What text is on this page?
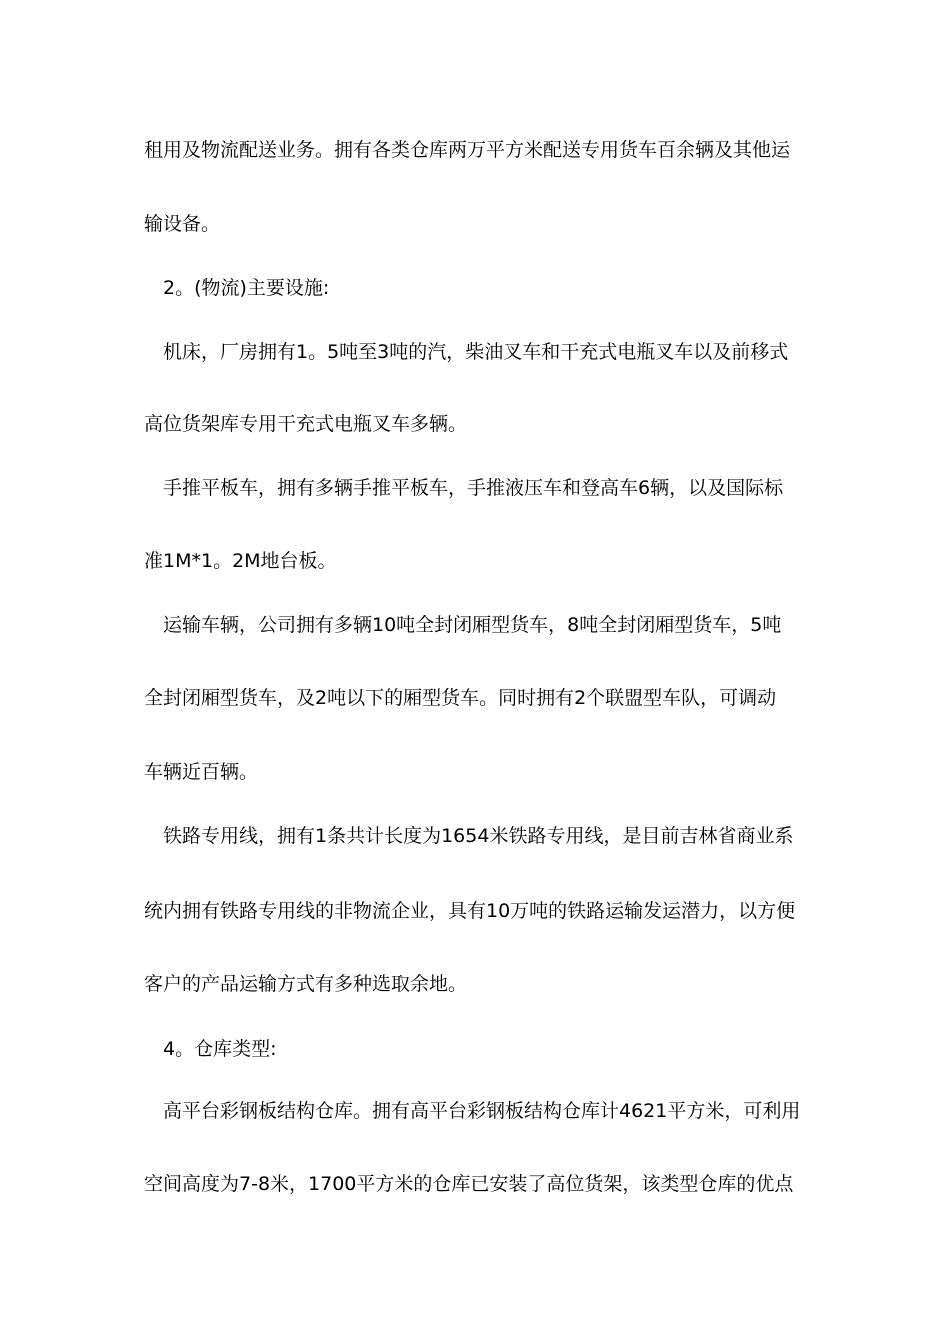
租用及物流配送业务。拥有各类仓库两万平方米配送专用货车百余辆及其他运
输设备。
2。(物流)主要设施:
机床，厂房拥有1。5吨至3吨的汽，柴油叉车和干充式电瓶叉车以及前移式
高位货架库专用干充式电瓶叉车多辆。
手推平板车，拥有多辆手推平板车，手推液压车和登高车6辆，以及国际标
准1M*1。2M地台板。
运输车辆，公司拥有多辆10吨全封闭厢型货车，8吨全封闭厢型货车，5吨
全封闭厢型货车，及2吨以下的厢型货车。同时拥有2个联盟型车队，可调动
车辆近百辆。
铁路专用线，拥有1条共计长度为1654米铁路专用线，是目前吉林省商业系
统内拥有铁路专用线的非物流企业，具有10万吨的铁路运输发运潜力，以方便
客户的产品运输方式有多种选取余地。
4。仓库类型:
高平台彩钢板结构仓库。拥有高平台彩钢板结构仓库计4621平方米，可利用
空间高度为7-8米，1700平方米的仓库已安装了高位货架，该类型仓库的优点
